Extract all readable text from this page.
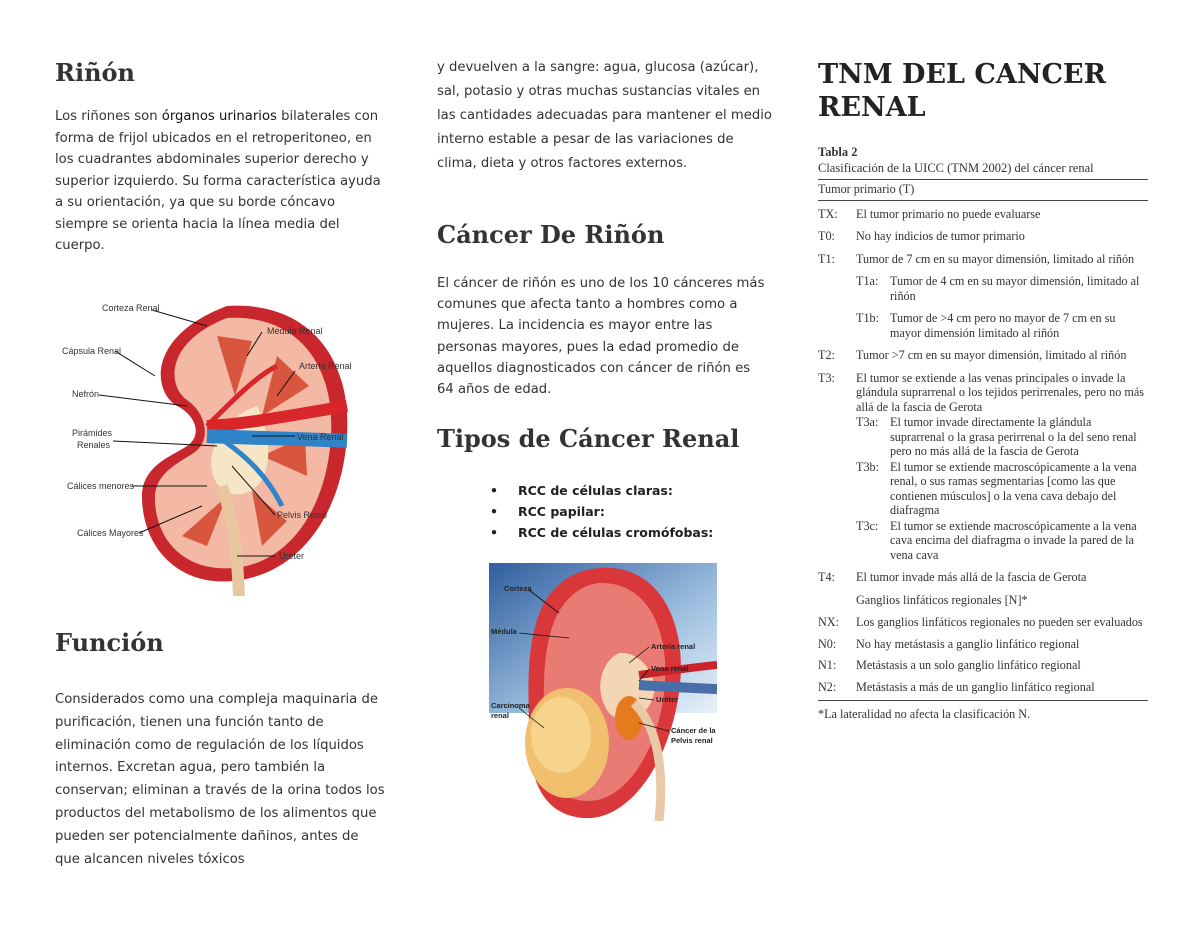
Riñón

Los riñones son órganos urinarios bilaterales con forma de frijol ubicados en el retroperitoneo, en los cuadrantes abdominales superior derecho y superior izquierdo. Su forma característica ayuda a su orientación, ya que su borde cóncavo siempre se orienta hacia la línea media del cuerpo.

Corteza Renal
Médula Renal
Cápsula Renal
Arteria Renal
Nefrón
Vena Renal
Pirámides
Renales
Cálices menores
Pelvis Renal
Cálices Mayores
Uréter
Función

Considerados como una compleja maquinaria de purificación, tienen una función tanto de eliminación como de regulación de los líquidos internos. Excretan agua, pero también la conservan; eliminan a través de la orina todos los productos del metabolismo de los alimentos que pueden ser potencialmente dañinos, antes de que alcancen niveles tóxicos

y devuelven a la sangre: agua, glucosa (azúcar), sal, potasio y otras muchas sustancias vitales en las cantidades adecuadas para mantener el medio interno estable a pesar de las variaciones de clima, dieta y otros factores externos.

Cáncer De Riñón

El cáncer de riñón es uno de los 10 cánceres más comunes que afecta tanto a hombres como a mujeres. La incidencia es mayor entre las personas mayores, pues la edad promedio de aquellos diagnosticados con cáncer de riñón es 64 años de edad.

Tipos de Cáncer Renal
• RCC de células claras:
• RCC papilar:
• RCC de células cromófobas:
Corteza
Médula
Arteria renal
Vena renal
Uréter
Carcinoma
renal
Cáncer de la
Pelvis renal
TNM DEL CANCER
RENAL
Tabla 2
Clasificación de la UICC (TNM 2002) del cáncer renal
Tumor primario (T)
TX: El tumor primario no puede evaluarse
T0: No hay indicios de tumor primario
T1: Tumor de 7 cm en su mayor dimensión, limitado al riñón
T1a: Tumor de 4 cm en su mayor dimensión, limitado al riñón
T1b: Tumor de >4 cm pero no mayor de 7 cm en su mayor dimensión limitado al riñón
T2: Tumor >7 cm en su mayor dimensión, limitado al riñón
T3: El tumor se extiende a las venas principales o invade la glándula suprarrenal o los tejidos perirrenales, pero no más allá de la fascia de Gerota
T3a: El tumor invade directamente la glándula suprarrenal o la grasa perirrenal o la del seno renal pero no más allá de la fascia de Gerota
T3b: El tumor se extiende macroscópicamente a la vena renal, o sus ramas segmentarias [como las que contienen músculos] o la vena cava debajo del diafragma
T3c: El tumor se extiende macroscópicamente a la vena cava encima del diafragma o invade la pared de la vena cava
T4: El tumor invade más allá de la fascia de Gerota
Ganglios linfáticos regionales [N]*
NX: Los ganglios linfáticos regionales no pueden ser evaluados
N0: No hay metástasis a ganglio linfático regional
N1: Metástasis a un solo ganglio linfático regional
N2: Metástasis a más de un ganglio linfático regional
*La lateralidad no afecta la clasificación N.
